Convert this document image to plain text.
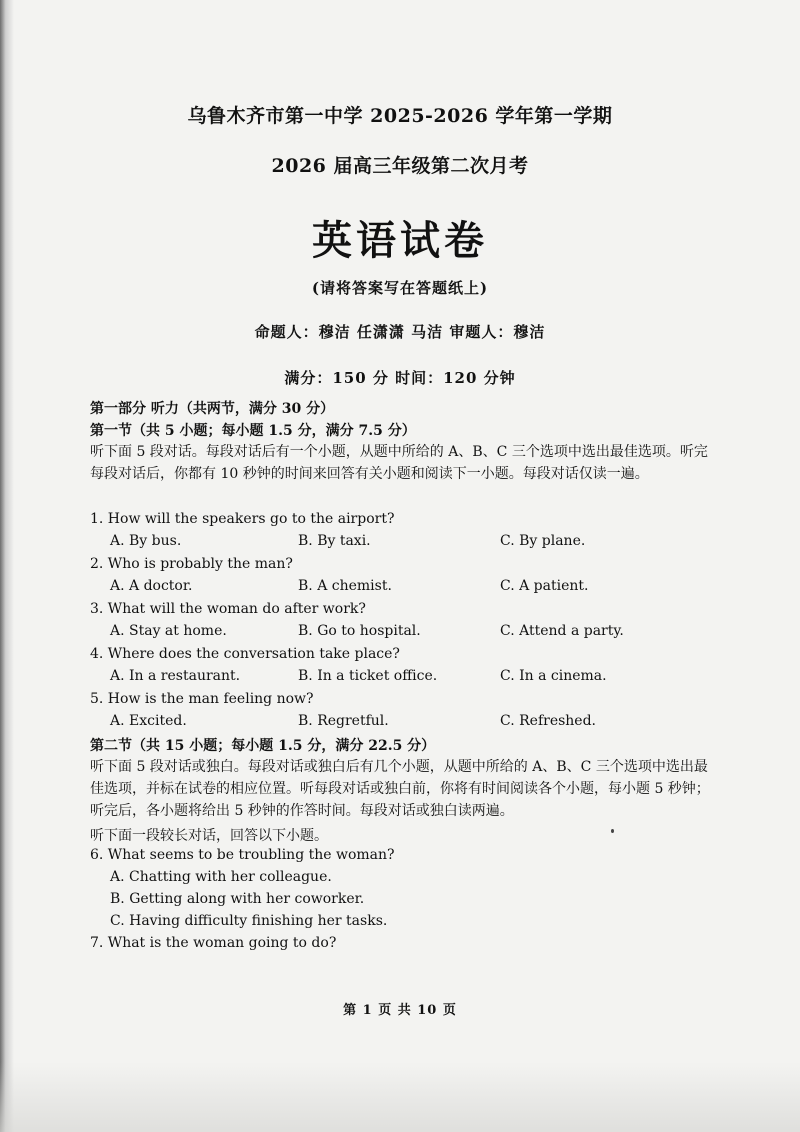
乌鲁木齐市第一中学 2025-2026 学年第一学期
2026 届高三年级第二次月考
英语试卷
(请将答案写在答题纸上)
命题人：穆洁 任潇潇 马洁 审题人：穆洁
满分：150 分 时间：120 分钟
第一部分 听力（共两节，满分 30 分）
第一节（共 5 小题；每小题 1.5 分，满分 7.5 分）
听下面 5 段对话。每段对话后有一个小题，从题中所给的 A、B、C 三个选项中选出最佳选项。听完每段对话后，你都有 10 秒钟的时间来回答有关小题和阅读下一小题。每段对话仅读一遍。
1. How will the speakers go to the airport?
A. By bus.	B. By taxi.	C. By plane.
2. Who is probably the man?
A. A doctor.	B. A chemist.	C. A patient.
3. What will the woman do after work?
A. Stay at home.	B. Go to hospital.	C. Attend a party.
4. Where does the conversation take place?
A. In a restaurant.	B. In a ticket office.	C. In a cinema.
5. How is the man feeling now?
A. Excited.	B. Regretful.	C. Refreshed.
第二节（共 15 小题；每小题 1.5 分，满分 22.5 分）
听下面 5 段对话或独白。每段对话或独白后有几个小题，从题中所给的 A、B、C 三个选项中选出最佳选项，并标在试卷的相应位置。听每段对话或独白前，你将有时间阅读各个小题，每小题 5 秒钟；听完后，各小题将给出 5 秒钟的作答时间。每段对话或独白读两遍。
听下面一段较长对话，回答以下小题。
6. What seems to be troubling the woman?
A. Chatting with her colleague.
B. Getting along with her coworker.
C. Having difficulty finishing her tasks.
7. What is the woman going to do?
第 1 页 共 10 页
